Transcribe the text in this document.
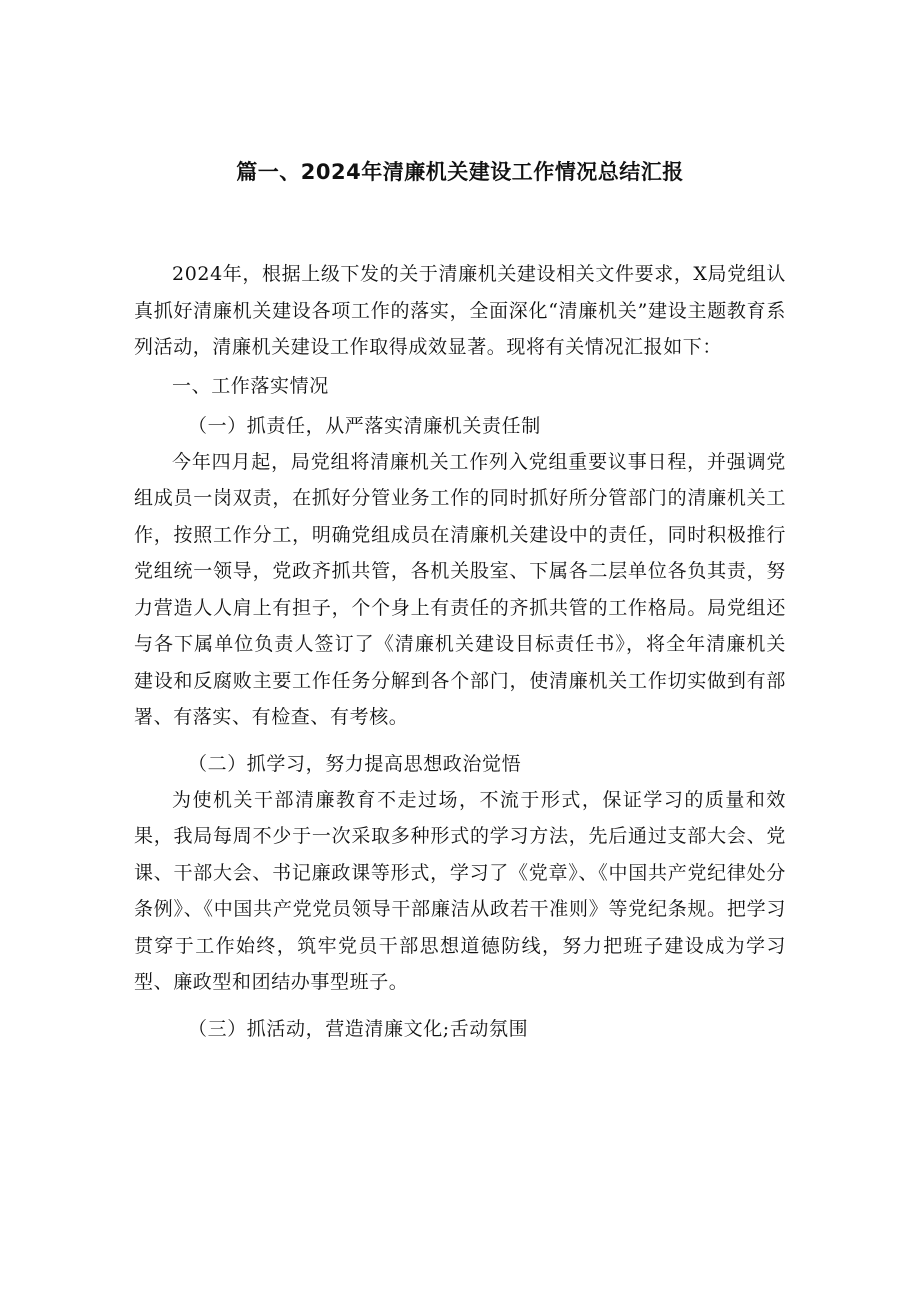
篇一、2024年清廉机关建设工作情况总结汇报

2024年，根据上级下发的关于清廉机关建设相关文件要求，X局党组认真抓好清廉机关建设各项工作的落实，全面深化“清廉机关”建设主题教育系列活动，清廉机关建设工作取得成效显著。现将有关情况汇报如下：

一、工作落实情况

（一）抓责任，从严落实清廉机关责任制

今年四月起，局党组将清廉机关工作列入党组重要议事日程，并强调党组成员一岗双责，在抓好分管业务工作的同时抓好所分管部门的清廉机关工作，按照工作分工，明确党组成员在清廉机关建设中的责任，同时积极推行党组统一领导，党政齐抓共管，各机关股室、下属各二层单位各负其责，努力营造人人肩上有担子，个个身上有责任的齐抓共管的工作格局。局党组还与各下属单位负责人签订了《清廉机关建设目标责任书》，将全年清廉机关建设和反腐败主要工作任务分解到各个部门，使清廉机关工作切实做到有部署、有落实、有检查、有考核。

（二）抓学习，努力提高思想政治觉悟

为使机关干部清廉教育不走过场，不流于形式，保证学习的质量和效果，我局每周不少于一次采取多种形式的学习方法，先后通过支部大会、党课、干部大会、书记廉政课等形式，学习了《党章》、《中国共产党纪律处分条例》、《中国共产党党员领导干部廉洁从政若干准则》等党纪条规。把学习贯穿于工作始终，筑牢党员干部思想道德防线，努力把班子建设成为学习型、廉政型和团结办事型班子。

（三）抓活动，营造清廉文化;舌动氛围
